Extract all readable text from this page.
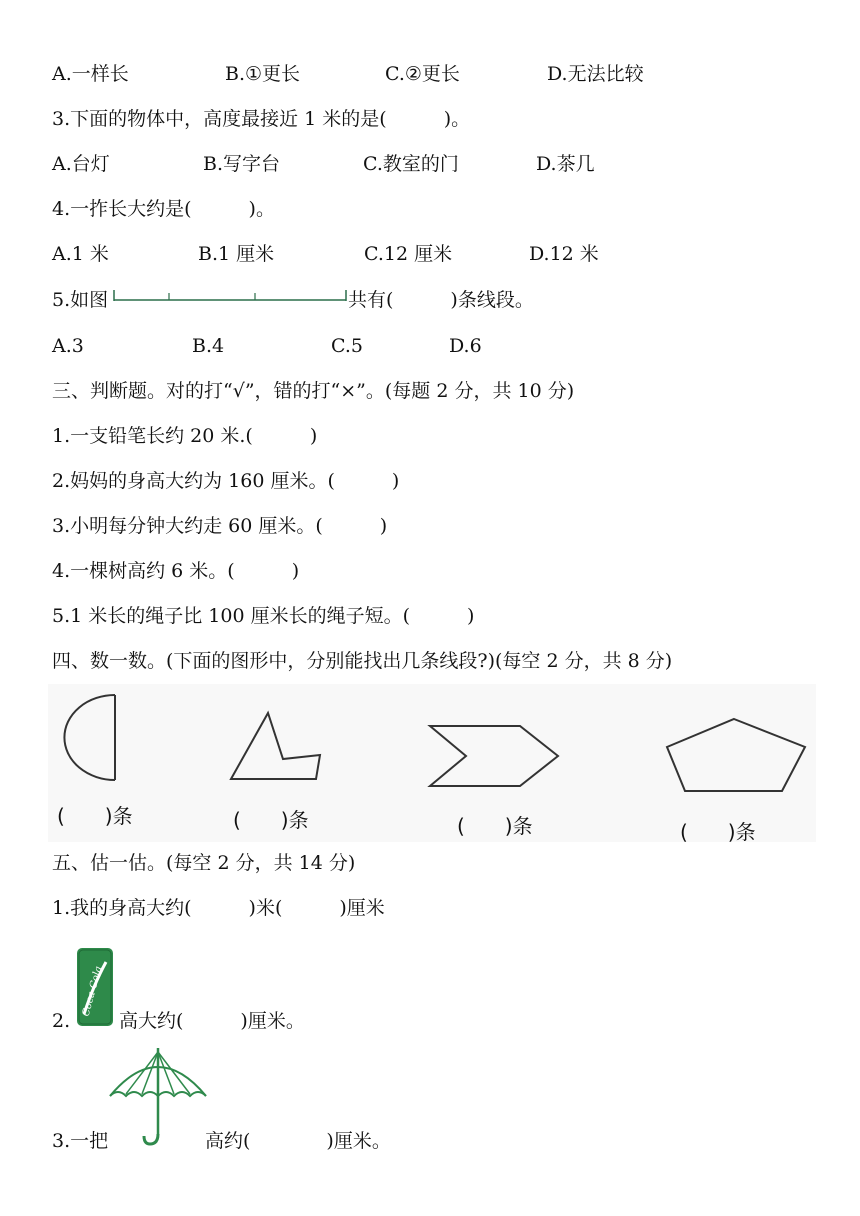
A.一样长	B.①更长	C.②更长	D.无法比较
3.下面的物体中，高度最接近 1 米的是(　　　)。
A.台灯	B.写字台	C.教室的门	D.茶几
4.一拃长大约是(　　　)。
A.1 米	B.1 厘米	C.12 厘米	D.12 米
5.如图	共有(　　　)条线段。
A.3	B.4	C.5	D.6
三、判断题。对的打“√”，错的打“×”。(每题 2 分，共 10 分)
1.一支铅笔长约 20 米.(　　　)
2.妈妈的身高大约为 160 厘米。(　　　)
3.小明每分钟大约走 60 厘米。(　　　)
4.一棵树高约 6 米。(　　　)
5.1 米长的绳子比 100 厘米长的绳子短。(　　　)
四、数一数。(下面的图形中，分别能找出几条线段?)(每空 2 分，共 8 分)
(　　)条	(　　)条	(　　)条	(　　)条
五、估一估。(每空 2 分，共 14 分)
1.我的身高大约(　　　)米(　　　)厘米
2.
Coca-Cola
高大约(　　　)厘米。
3.一把	高约(　　　　)厘米。
